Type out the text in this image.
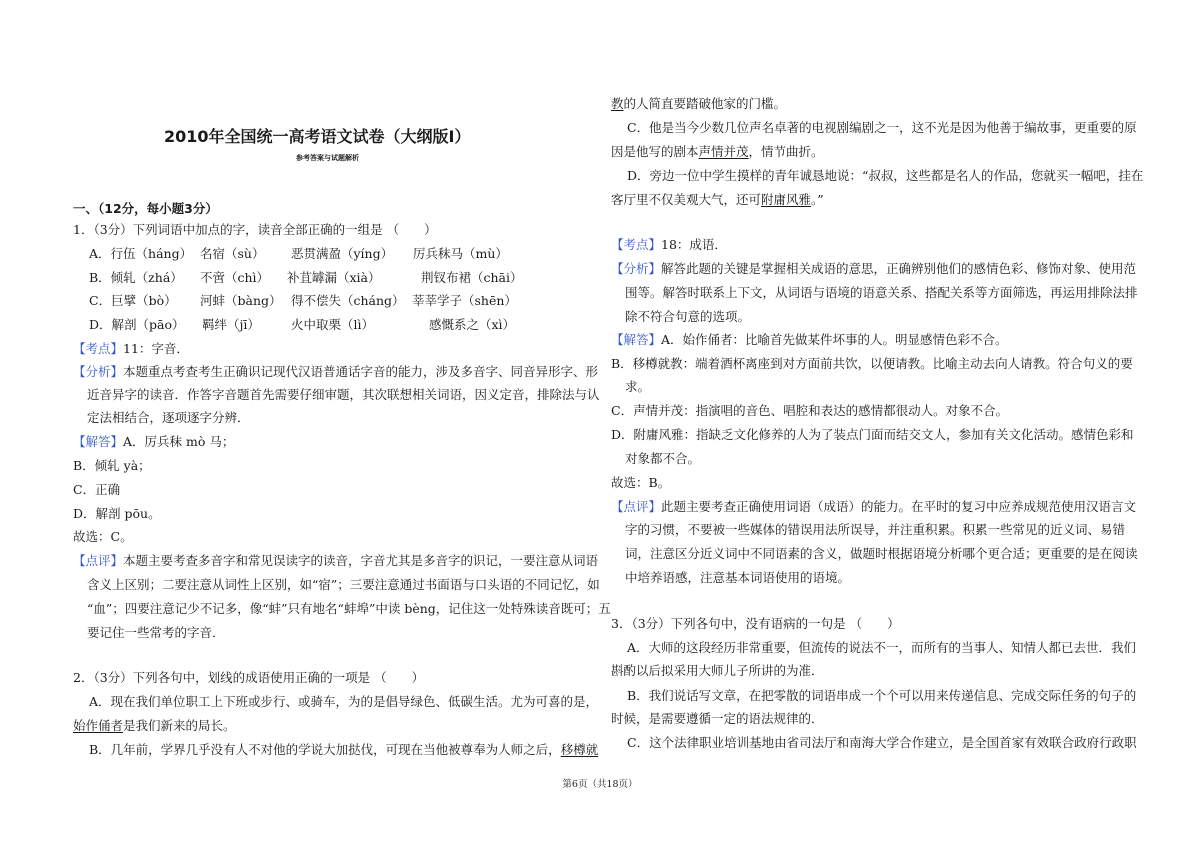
2010年全国统一高考语文试卷（大纲版Ⅰ）
参考答案与试题解析
一、（12分，每小题3分）
1．（3分）下列词语中加点的字，读音全部正确的一组是 （　　）
A．行伍（háng） 名宿（sù） 恶贯满盈（yíng） 厉兵秣马（mù）
B．倾轧（zhá） 不啻（chì） 补苴罅漏（xià）	荆钗布裙（chāi）
C．巨擘（bò） 河蚌（bàng） 得不偿失（cháng） 莘莘学子（shēn）
D．解剖（pāo） 羁绊（jī） 火中取栗（lì）	感慨系之（xì）
【考点】11：字音．
【分析】本题重点考查考生正确识记现代汉语普通话字音的能力，涉及多音字、同音异形字、形
近音异字的读音．作答字音题首先需要仔细审题，其次联想相关词语，因义定音，排除法与认
定法相结合，逐项逐字分辨．
【解答】A．厉兵秣 mò 马；
B．倾轧 yà；
C．正确
D．解剖 pōu。
故选：C。
【点评】本题主要考查多音字和常见误读字的读音，字音尤其是多音字的识记，一要注意从词语
含义上区别；二要注意从词性上区别，如“宿”；三要注意通过书面语与口头语的不同记忆，如
“血”；四要注意记少不记多，像“蚌”只有地名“蚌埠”中读 bèng，记住这一处特殊读音既可；五
要记住一些常考的字音．
2．（3分）下列各句中，划线的成语使用正确的一项是 （　　）
A．现在我们单位职工上下班或步行、或骑车，为的是倡导绿色、低碳生活。尤为可喜的是，
始作俑者是我们新来的局长。
B．几年前，学界几乎没有人不对他的学说大加挞伐，可现在当他被尊奉为人师之后，移樽就
教的人简直要踏破他家的门槛。
C．他是当今少数几位声名卓著的电视剧编剧之一，这不光是因为他善于编故事，更重要的原
因是他写的剧本声情并茂，情节曲折。
D．旁边一位中学生摸样的青年诚恳地说：“叔叔，这些都是名人的作品，您就买一幅吧，挂在
客厅里不仅美观大气，还可附庸风雅。”
【考点】18：成语．
【分析】解答此题的关键是掌握相关成语的意思，正确辨别他们的感情色彩、修饰对象、使用范
围等。解答时联系上下文，从词语与语境的语意关系、搭配关系等方面筛选，再运用排除法排
除不符合句意的选项。
【解答】A．始作俑者：比喻首先做某件坏事的人。明显感情色彩不合。
B．移樽就教：端着酒杯离座到对方面前共饮，以便请教。比喻主动去向人请教。符合句义的要
求。
C．声情并茂：指演唱的音色、唱腔和表达的感情都很动人。对象不合。
D．附庸风雅：指缺乏文化修养的人为了装点门面而结交文人，参加有关文化活动。感情色彩和
对象都不合。
故选：B。
【点评】此题主要考查正确使用词语（成语）的能力。在平时的复习中应养成规范使用汉语言文
字的习惯，不要被一些媒体的错误用法所误导，并注重积累。积累一些常见的近义词、易错
词，注意区分近义词中不同语素的含义，做题时根据语境分析哪个更合适；更重要的是在阅读
中培养语感，注意基本词语使用的语境。
3．（3分）下列各句中，没有语病的一句是 （　　）
A．大师的这段经历非常重要，但流传的说法不一，而所有的当事人、知情人都已去世．我们
斟酌以后拟采用大师儿子所讲的为准．
B．我们说话写文章，在把零散的词语串成一个个可以用来传递信息、完成交际任务的句子的
时候，是需要遵循一定的语法规律的．
C．这个法律职业培训基地由省司法厅和南海大学合作建立，是全国首家有效联合政府行政职
第6页（共18页）
